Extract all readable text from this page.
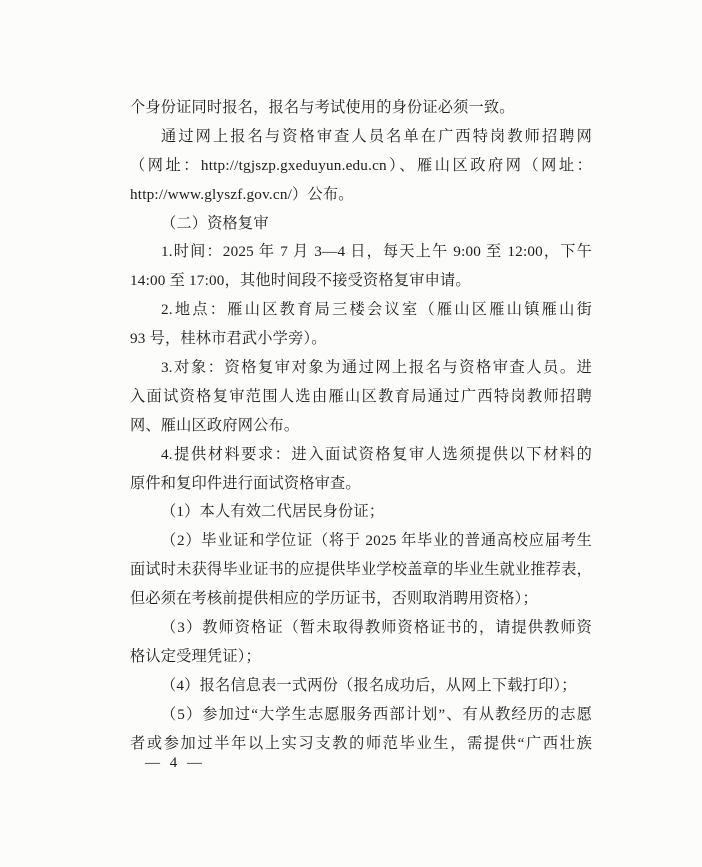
个身份证同时报名，报名与考试使用的身份证必须一致。
通过网上报名与资格审查人员名单在广西特岗教师招聘网
（网址：http://tgjszp.gxeduyun.edu.cn）、雁山区政府网（网址：
http://www.glyszf.gov.cn/）公布。
（二）资格复审
1.时间：2025 年 7 月 3—4 日，每天上午 9:00 至 12:00，下午
14:00 至 17:00，其他时间段不接受资格复审申请。
2.地点：雁山区教育局三楼会议室（雁山区雁山镇雁山街
93 号，桂林市君武小学旁）。
3.对象：资格复审对象为通过网上报名与资格审查人员。进
入面试资格复审范围人选由雁山区教育局通过广西特岗教师招聘
网、雁山区政府网公布。
4.提供材料要求：进入面试资格复审人选须提供以下材料的
原件和复印件进行面试资格审查。
（1）本人有效二代居民身份证；
（2）毕业证和学位证（将于 2025 年毕业的普通高校应届考生
面试时未获得毕业证书的应提供毕业学校盖章的毕业生就业推荐表，
但必须在考核前提供相应的学历证书，否则取消聘用资格）；
（3）教师资格证（暂未取得教师资格证书的，请提供教师资
格认定受理凭证）；
（4）报名信息表一式两份（报名成功后，从网上下载打印）；
（5）参加过“大学生志愿服务西部计划”、有从教经历的志愿
者或参加过半年以上实习支教的师范毕业生，需提供“广西壮族
— 4 —
